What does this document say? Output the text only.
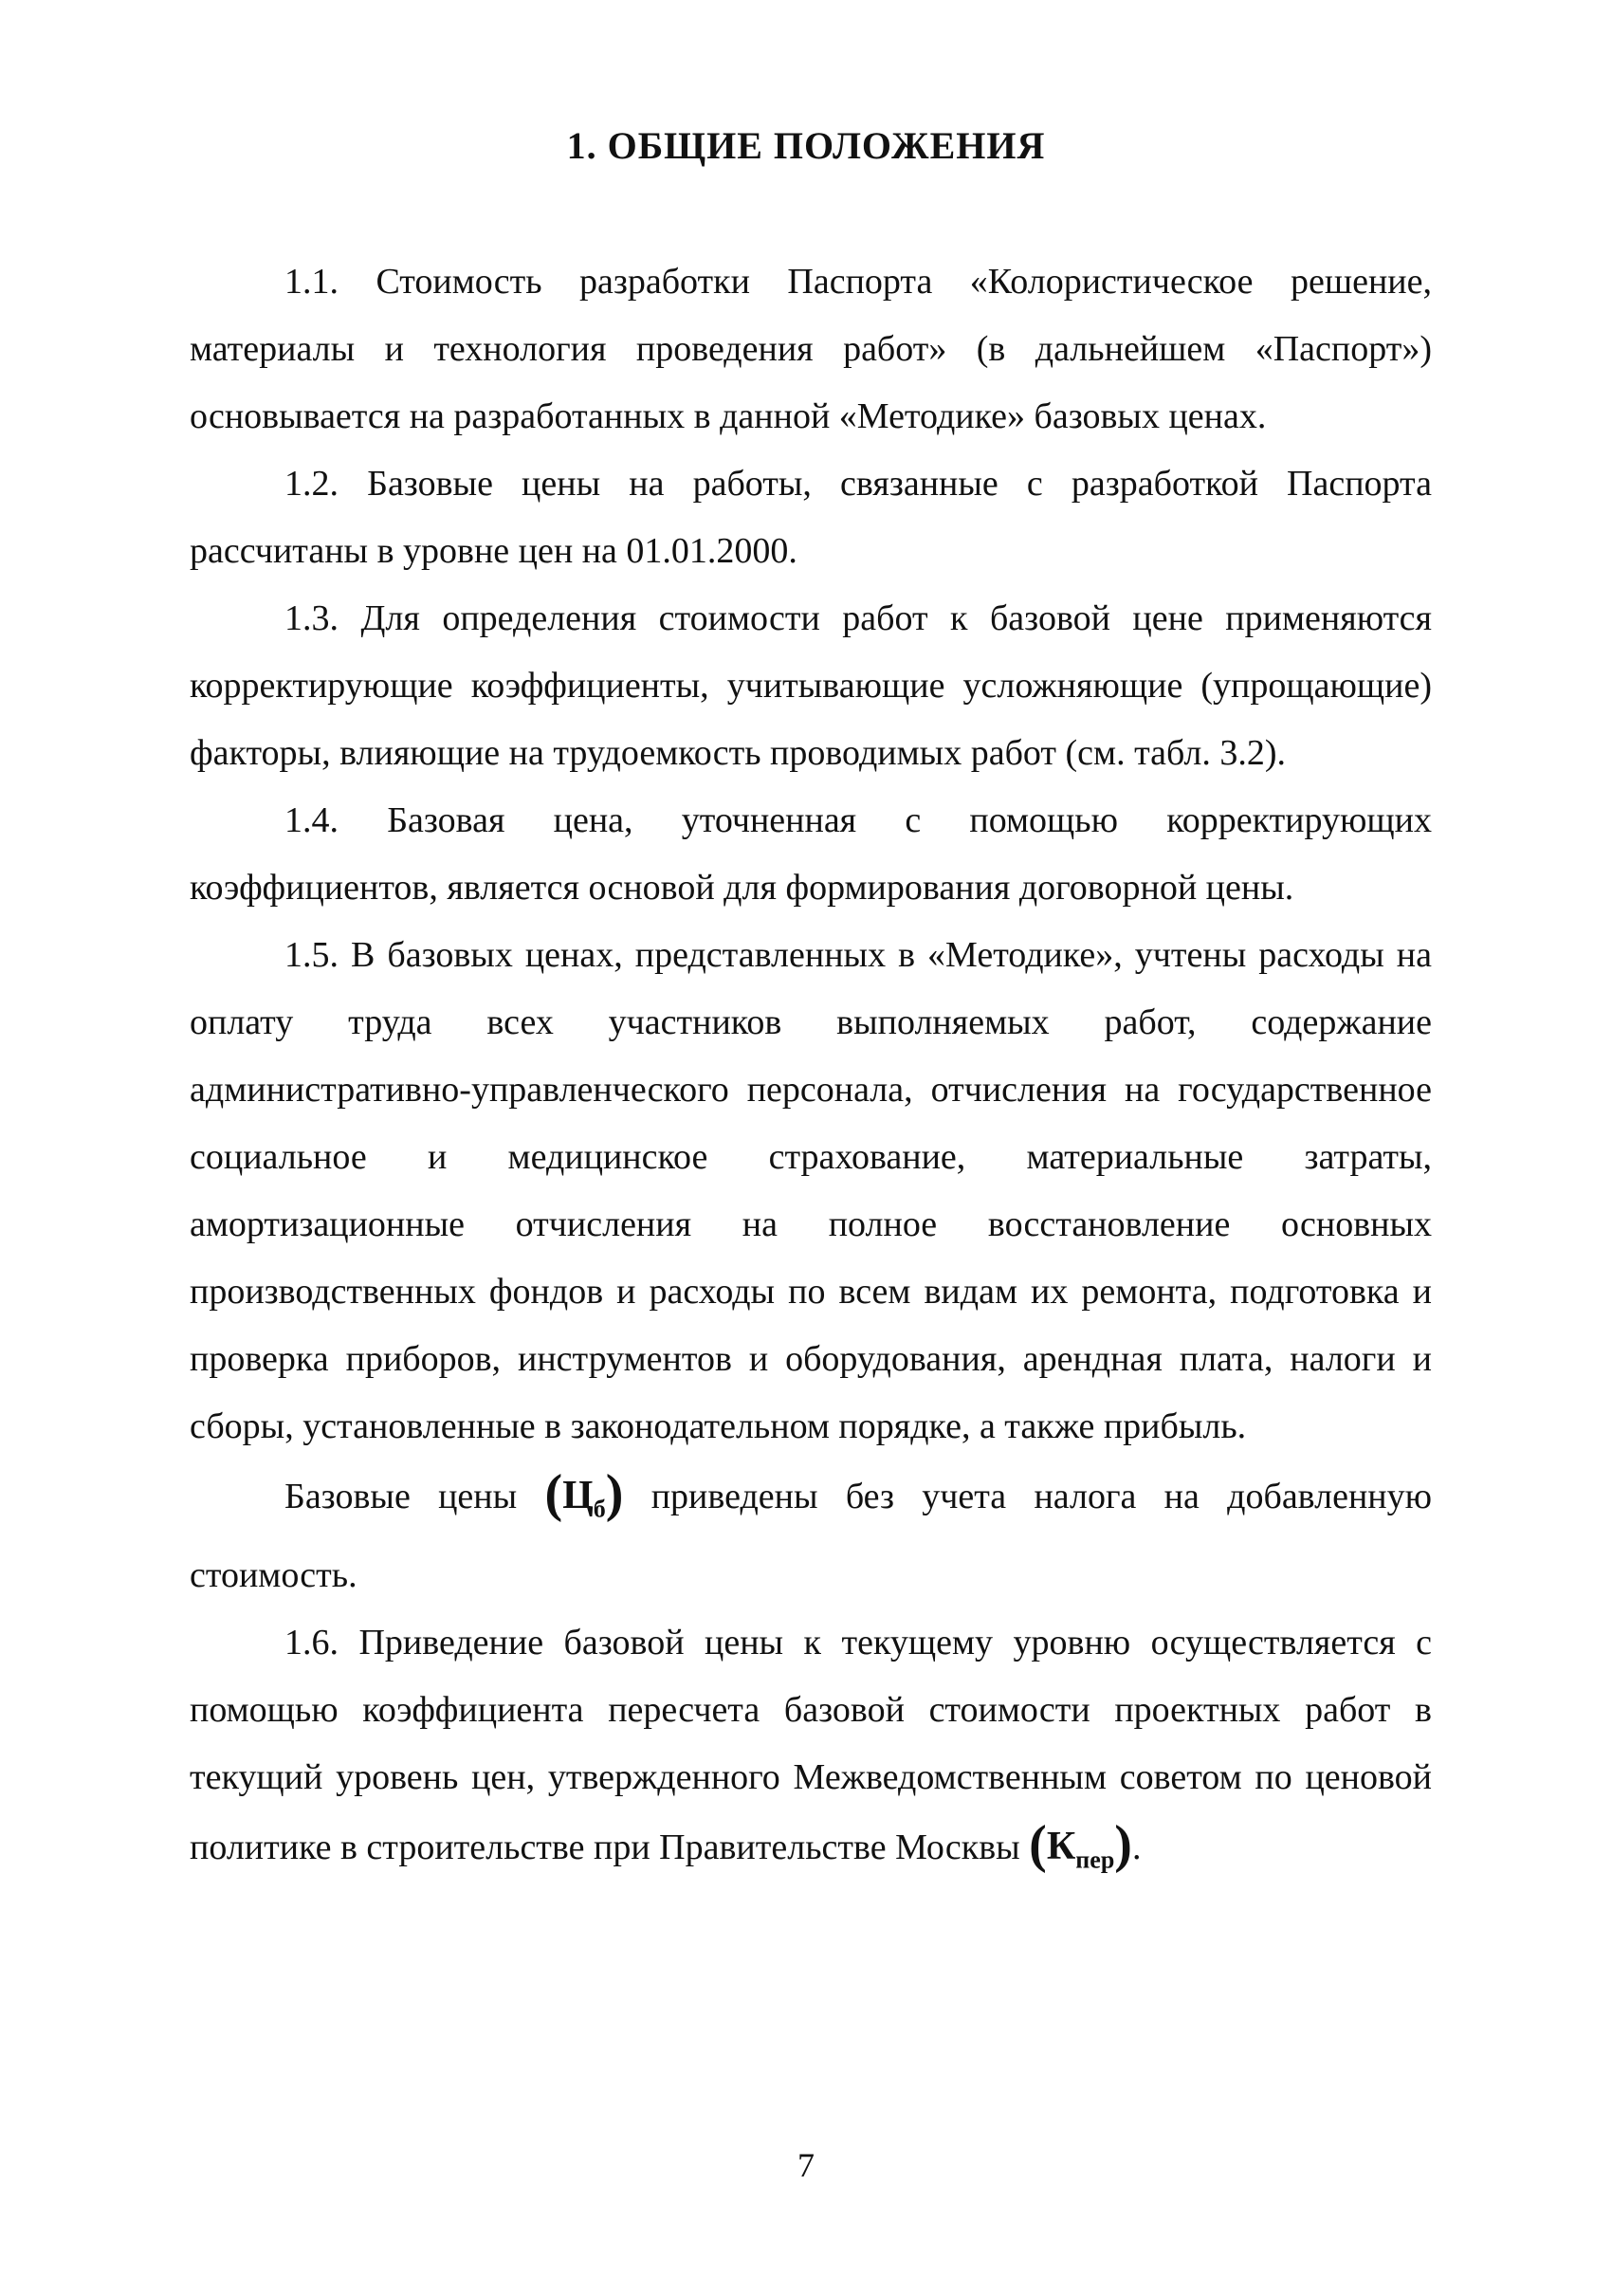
1. ОБЩИЕ ПОЛОЖЕНИЯ

1.1. Стоимость разработки Паспорта «Колористическое решение, материалы и технология проведения работ» (в дальнейшем «Паспорт») основывается на разработанных в данной «Методике» базовых ценах.

1.2. Базовые цены на работы, связанные с разработкой Паспорта рассчитаны в уровне цен на 01.01.2000.

1.3. Для определения стоимости работ к базовой цене применяются корректирующие коэффициенты, учитывающие усложняющие (упрощающие) факторы, влияющие на трудоемкость проводимых работ (см. табл. 3.2).

1.4. Базовая цена, уточненная с помощью корректирующих коэффициентов, является основой для формирования договорной цены.

1.5. В базовых ценах, представленных в «Методике», учтены расходы на оплату труда всех участников выполняемых работ, содержание административно-управленческого персонала, отчисления на государственное социальное и медицинское страхование, материальные затраты, амортизационные отчисления на полное восстановление основных производственных фондов и расходы по всем видам их ремонта, подготовка и проверка приборов, инструментов и оборудования, арендная плата, налоги и сборы, установленные в законодательном порядке, а также прибыль.

Базовые цены $(Ц_б)$ приведены без учета налога на добавленную стоимость.

1.6. Приведение базовой цены к текущему уровню осуществляется с помощью коэффициента пересчета базовой стоимости проектных работ в текущий уровень цен, утвержденного Межведомственным советом по ценовой политике в строительстве при Правительстве Москвы $(К_{пер})$.

7
